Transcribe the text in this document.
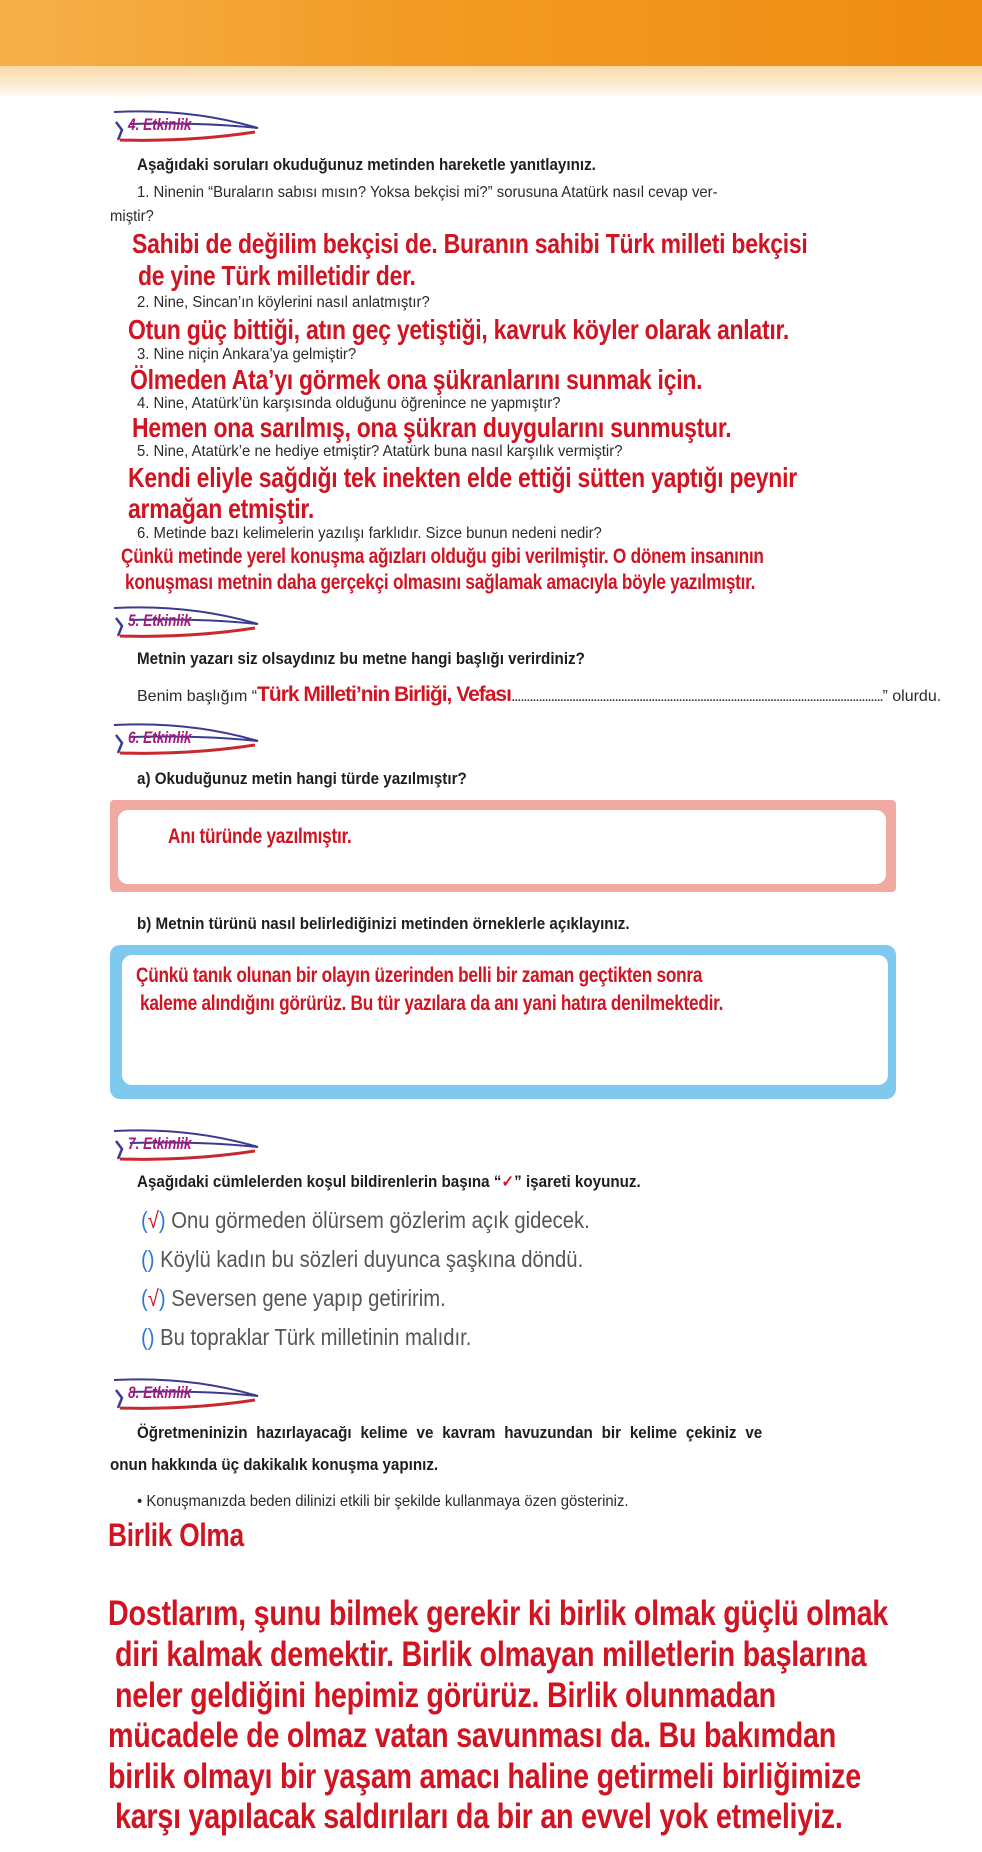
4. Etkinlik
Aşağıdaki soruları okuduğunuz metinden hareketle yanıtlayınız.
1. Ninenin “Buraların sabısı mısın? Yoksa bekçisi mi?” sorusuna Atatürk nasıl cevap ver-
miştir?
Sahibi de değilim bekçisi de. Buranın sahibi Türk milleti bekçisi
de yine Türk milletidir der.
2. Nine, Sincan’ın köylerini nasıl anlatmıştır?
Otun güç bittiği, atın geç yetiştiği, kavruk köyler olarak anlatır.
3. Nine niçin Ankara’ya gelmiştir?
Ölmeden Ata’yı görmek ona şükranlarını sunmak için.
4. Nine, Atatürk’ün karşısında olduğunu öğrenince ne yapmıştır?
Hemen ona sarılmış, ona şükran duygularını sunmuştur.
5. Nine, Atatürk’e ne hediye etmiştir? Atatürk buna nasıl karşılık vermiştir?
Kendi eliyle sağdığı tek inekten elde ettiği sütten yaptığı peynir
armağan etmiştir.
6. Metinde bazı kelimelerin yazılışı farklıdır. Sizce bunun nedeni nedir?
Çünkü metinde yerel konuşma ağızları olduğu gibi verilmiştir. O dönem insanının
konuşması metnin daha gerçekçi olmasını sağlamak amacıyla böyle yazılmıştır.
5. Etkinlik
Metnin yazarı siz olsaydınız bu metne hangi başlığı verirdiniz?
Benim başlığım “Türk Milleti’nin Birliği, Vefası..........................................................................................................................” olurdu.
6. Etkinlik
a) Okuduğunuz metin hangi türde yazılmıştır?
Anı türünde yazılmıştır.
b) Metnin türünü nasıl belirlediğinizi metinden örneklerle açıklayınız.
Çünkü tanık olunan bir olayın üzerinden belli bir zaman geçtikten sonra
kaleme alındığını görürüz. Bu tür yazılara da anı yani hatıra denilmektedir.
7. Etkinlik
Aşağıdaki cümlelerden koşul bildirenlerin başına “✓” işareti koyunuz.
(√) Onu görmeden ölürsem gözlerim açık gidecek.
() Köylü kadın bu sözleri duyunca şaşkına döndü.
(√) Seversen gene yapıp getiririm.
() Bu topraklar Türk milletinin malıdır.
8. Etkinlik
Öğretmeninizin hazırlayacağı kelime ve kavram havuzundan bir kelime çekiniz ve
onun hakkında üç dakikalık konuşma yapınız.
• Konuşmanızda beden dilinizi etkili bir şekilde kullanmaya özen gösteriniz.
Birlik Olma
Dostlarım, şunu bilmek gerekir ki birlik olmak güçlü olmak
diri kalmak demektir. Birlik olmayan milletlerin başlarına
neler geldiğini hepimiz görürüz. Birlik olunmadan
mücadele de olmaz vatan savunması da. Bu bakımdan
birlik olmayı bir yaşam amacı haline getirmeli birliğimize
karşı yapılacak saldırıları da bir an evvel yok etmeliyiz.
